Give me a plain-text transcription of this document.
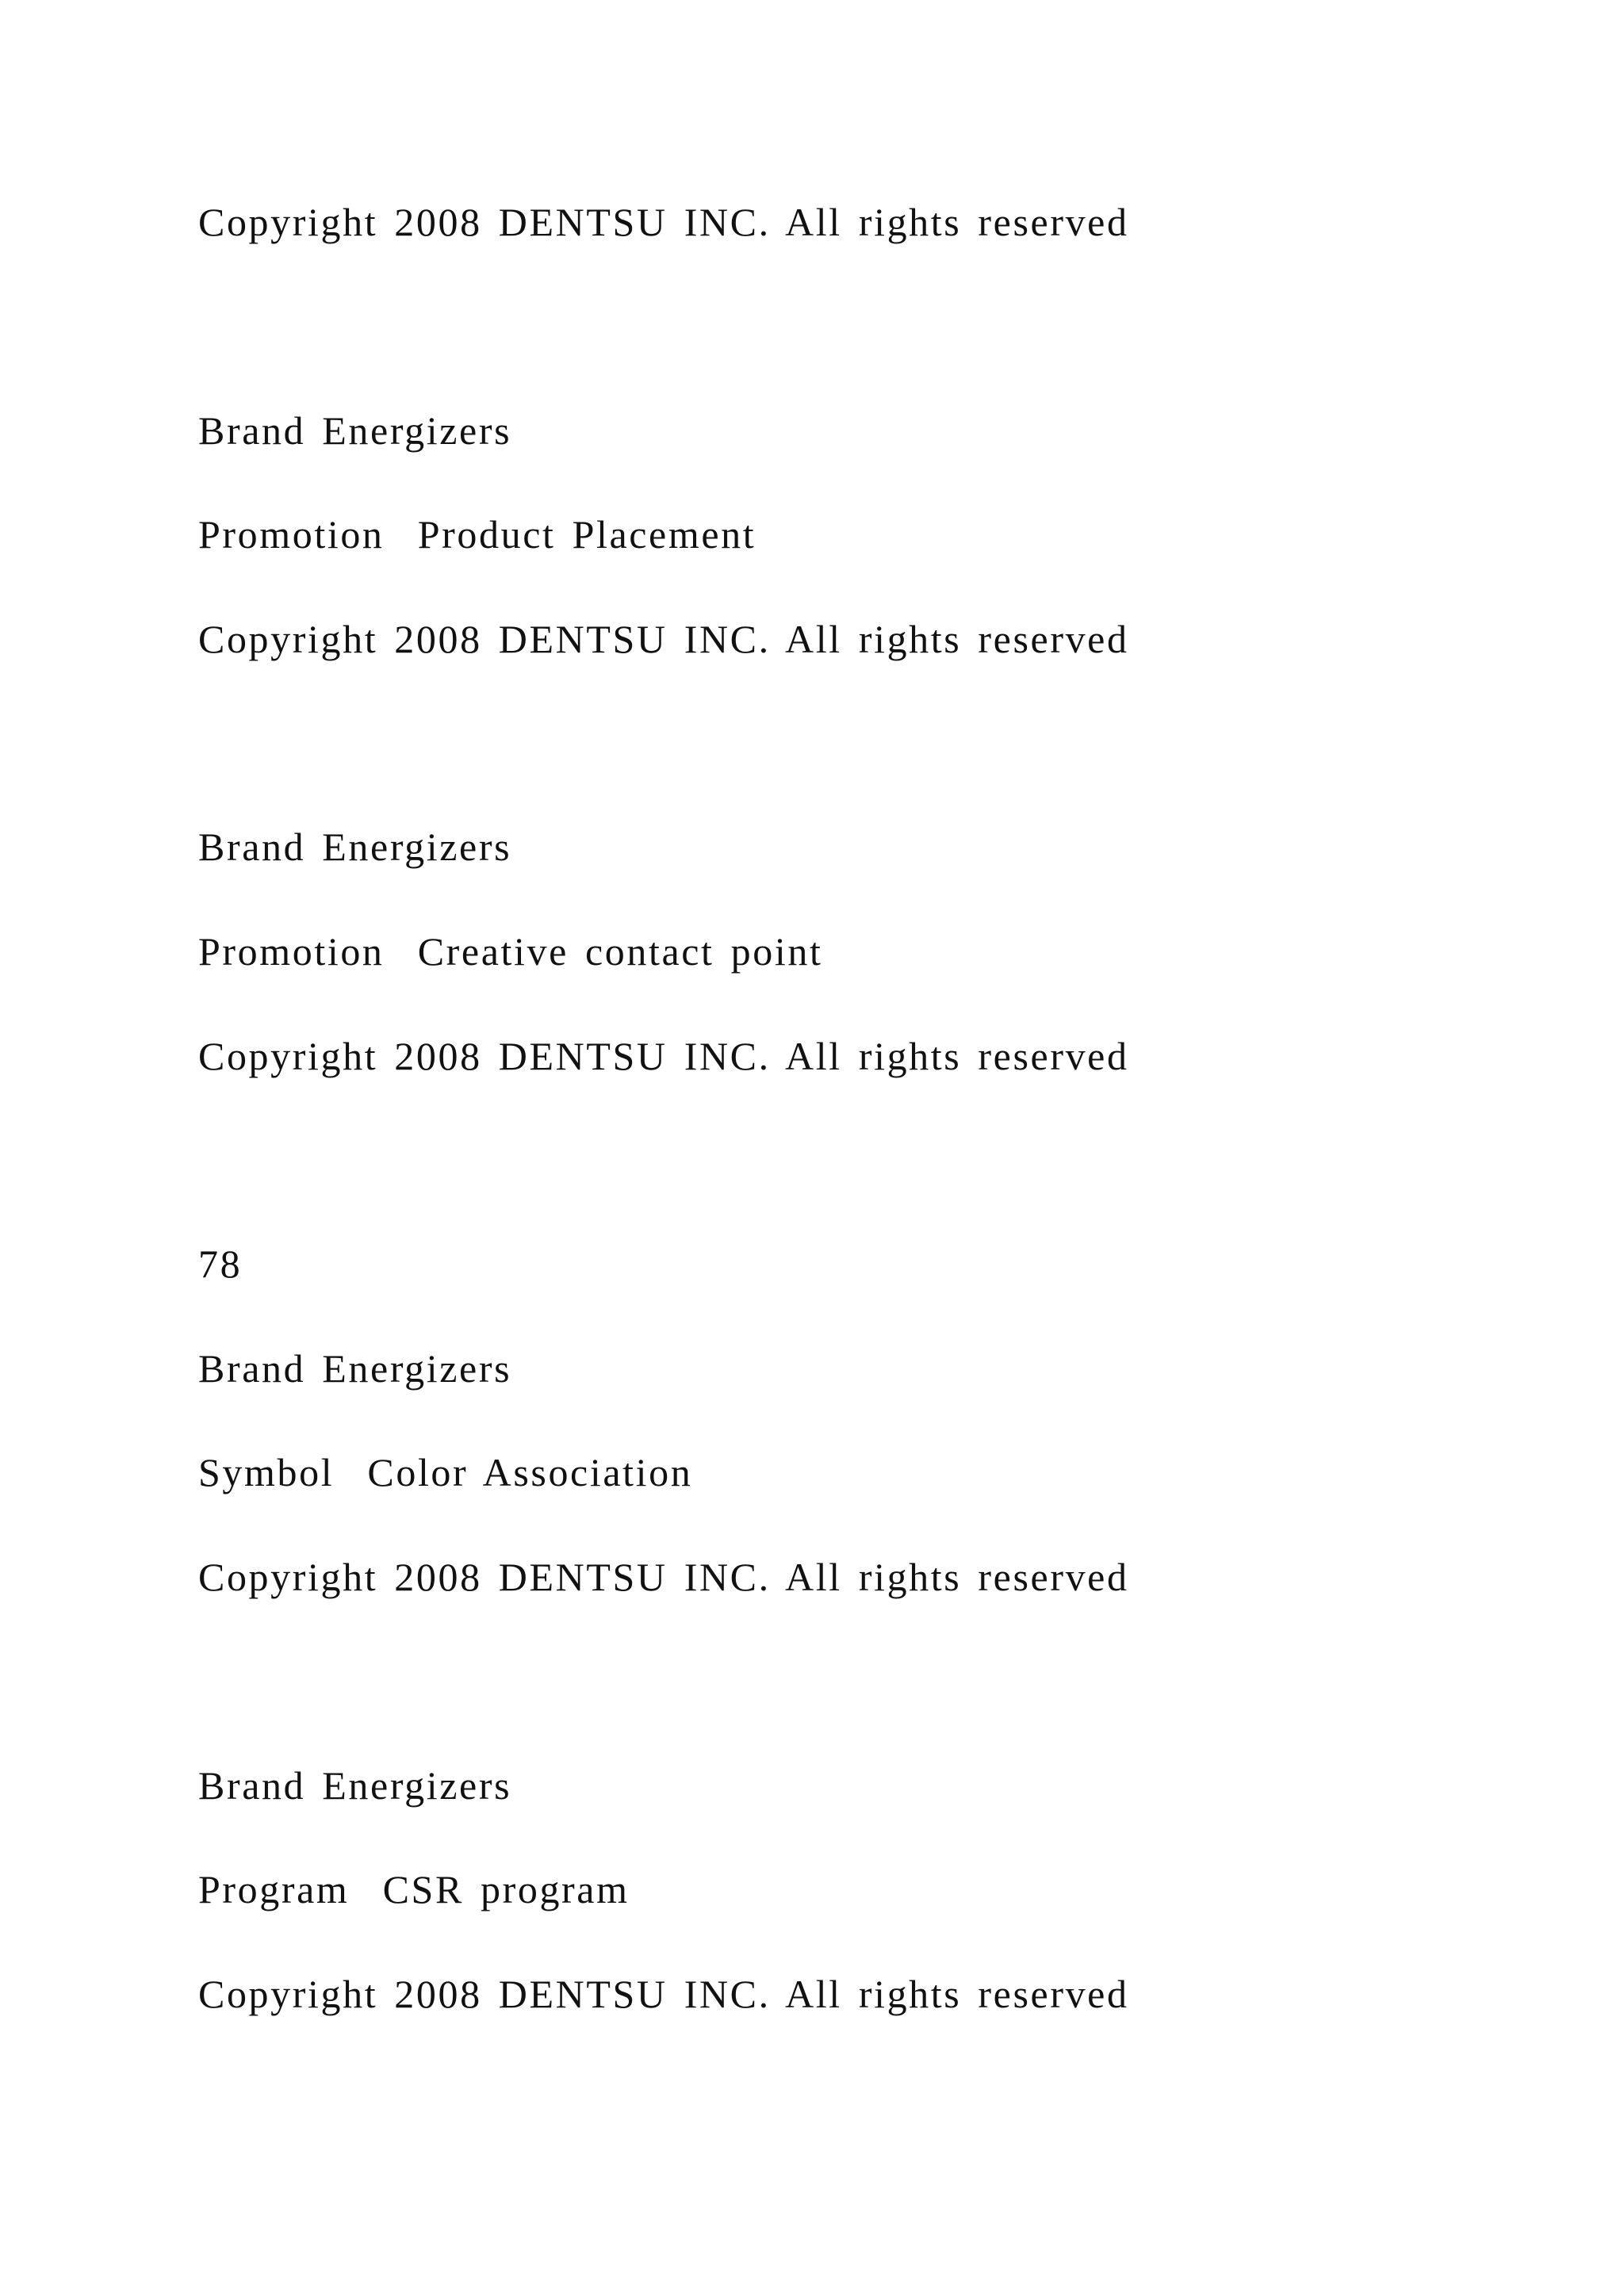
Copyright 2008 DENTSU INC. All rights reserved

Brand Energizers

Promotion  Product Placement

Copyright 2008 DENTSU INC. All rights reserved

Brand Energizers

Promotion  Creative contact point

Copyright 2008 DENTSU INC. All rights reserved

78

Brand Energizers

Symbol  Color Association

Copyright 2008 DENTSU INC. All rights reserved

Brand Energizers

Program  CSR program

Copyright 2008 DENTSU INC. All rights reserved
